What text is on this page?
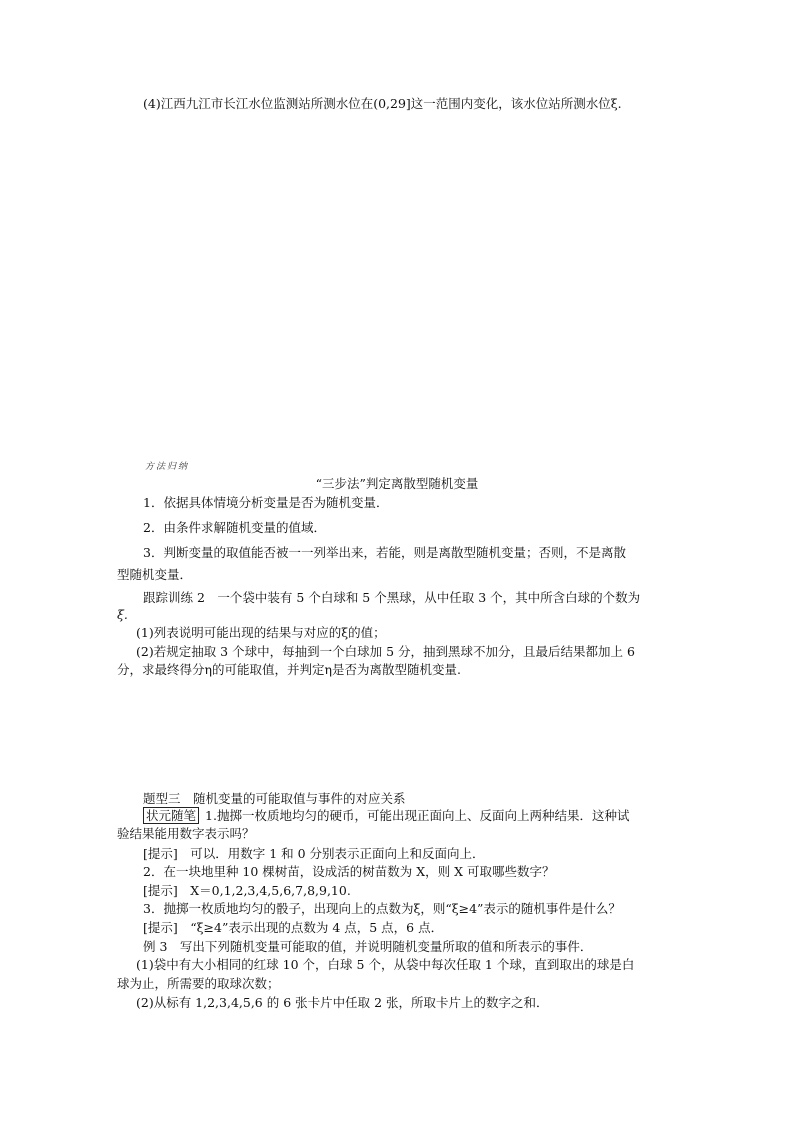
(4)江西九江市长江水位监测站所测水位在(0,29]这一范围内变化，该水位站所测水位ξ.
方法归纳
“三步法”判定离散型随机变量
1．依据具体情境分析变量是否为随机变量．
2．由条件求解随机变量的值域．
3．判断变量的取值能否被一一列举出来，若能，则是离散型随机变量；否则，不是离散
型随机变量．
跟踪训练 2　一个袋中装有 5 个白球和 5 个黑球，从中任取 3 个，其中所含白球的个数为
ξ.
(1)列表说明可能出现的结果与对应的ξ的值；
(2)若规定抽取 3 个球中，每抽到一个白球加 5 分，抽到黑球不加分，且最后结果都加上 6
分，求最终得分η的可能取值，并判定η是否为离散型随机变量.
题型三　随机变量的可能取值与事件的对应关系
状元随笔 1.抛掷一枚质地均匀的硬币，可能出现正面向上、反面向上两种结果．这种试
验结果能用数字表示吗？
[提示]　可以．用数字 1 和 0 分别表示正面向上和反面向上．
2．在一块地里种 10 棵树苗，设成活的树苗数为 X，则 X 可取哪些数字？
[提示]　X＝0,1,2,3,4,5,6,7,8,9,10.
3．抛掷一枚质地均匀的骰子，出现向上的点数为ξ，则“ξ≥4”表示的随机事件是什么？
[提示]　“ξ≥4”表示出现的点数为 4 点，5 点，6 点．
例 3　写出下列随机变量可能取的值，并说明随机变量所取的值和所表示的事件．
(1)袋中有大小相同的红球 10 个，白球 5 个，从袋中每次任取 1 个球，直到取出的球是白
球为止，所需要的取球次数；
(2)从标有 1,2,3,4,5,6 的 6 张卡片中任取 2 张，所取卡片上的数字之和．
